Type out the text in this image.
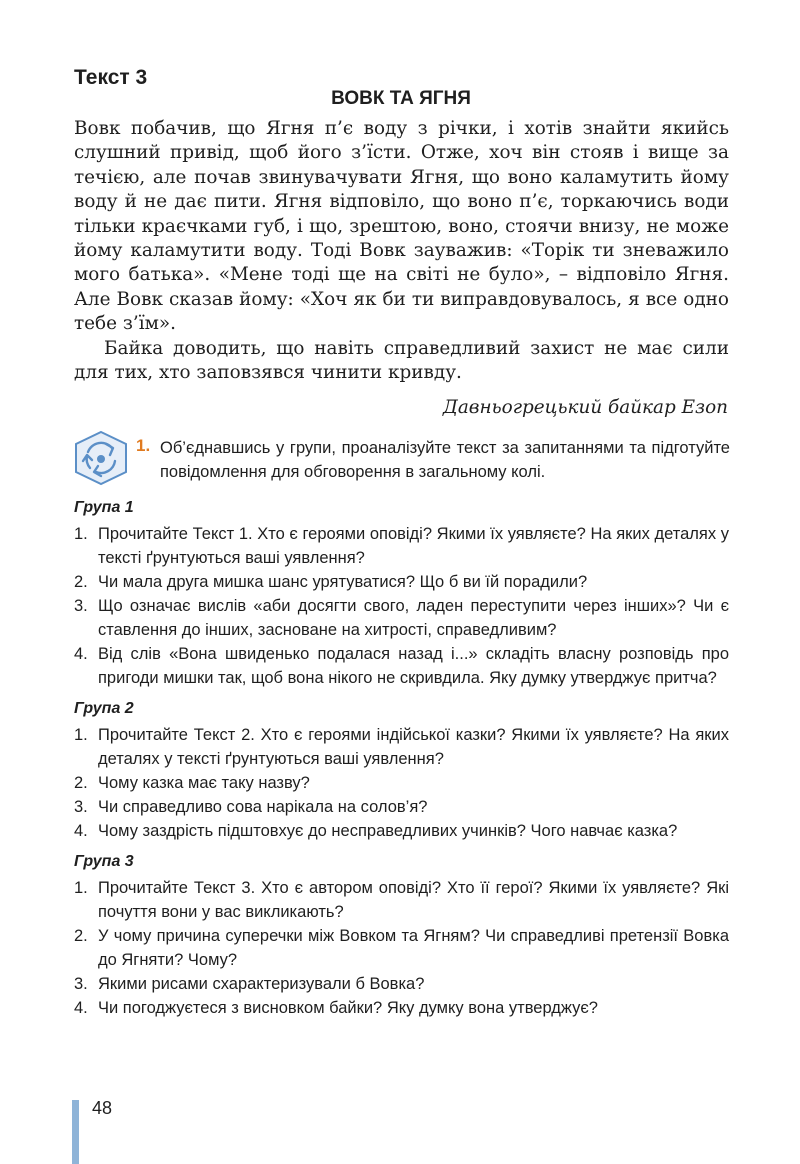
Текст 3
ВОВК ТА ЯГНЯ

Вовк побачив, що Ягня п’є воду з річки, і хотів знайти якийсь слушний привід, щоб його з’їсти. Отже, хоч він стояв і вище за течією, але почав звинувачувати Ягня, що воно каламутить йому воду й не дає пити. Ягня відповіло, що воно п’є, торкаючись води тільки краєчками губ, і що, зрештою, воно, стоячи внизу, не може йому каламутити воду. Тоді Вовк зауважив: «Торік ти зневажило мого батька». «Мене тоді ще на світі не було», – відповіло Ягня. Але Вовк сказав йому: «Хоч як би ти виправдовувалось, я все одно тебе з’їм».

Байка доводить, що навіть справедливий захист не має сили для тих, хто заповзявся чинити кривду.

Давньогрецький байкар Езоп
1. Об’єднавшись у групи, проаналізуйте текст за запитаннями та підготуйте повідомлення для обговорення в загальному колі.
Група 1
1. Прочитайте Текст 1. Хто є героями оповіді? Якими їх уявляєте? На яких деталях у тексті ґрунтуються ваші уявлення?
2. Чи мала друга мишка шанс урятуватися? Що б ви їй порадили?
3. Що означає вислів «аби досягти свого, ладен переступити через інших»? Чи є ставлення до інших, засноване на хитрості, справедливим?
4. Від слів «Вона швиденько подалася назад і...» складіть власну розповідь про пригоди мишки так, щоб вона нікого не скривдила. Яку думку утверджує притча?
Група 2
1. Прочитайте Текст 2. Хто є героями індійської казки? Якими їх уявляєте? На яких деталях у тексті ґрунтуються ваші уявлення?
2. Чому казка має таку назву?
3. Чи справедливо сова нарікала на солов’я?
4. Чому заздрість підштовхує до несправедливих учинків? Чого навчає казка?
Група 3
1. Прочитайте Текст 3. Хто є автором оповіді? Хто її герої? Якими їх уявляєте? Які почуття вони у вас викликають?
2. У чому причина суперечки між Вовком та Ягням? Чи справедливі претензії Вовка до Ягняти? Чому?
3. Якими рисами схарактеризували б Вовка?
4. Чи погоджуєтеся з висновком байки? Яку думку вона утверджує?
48
